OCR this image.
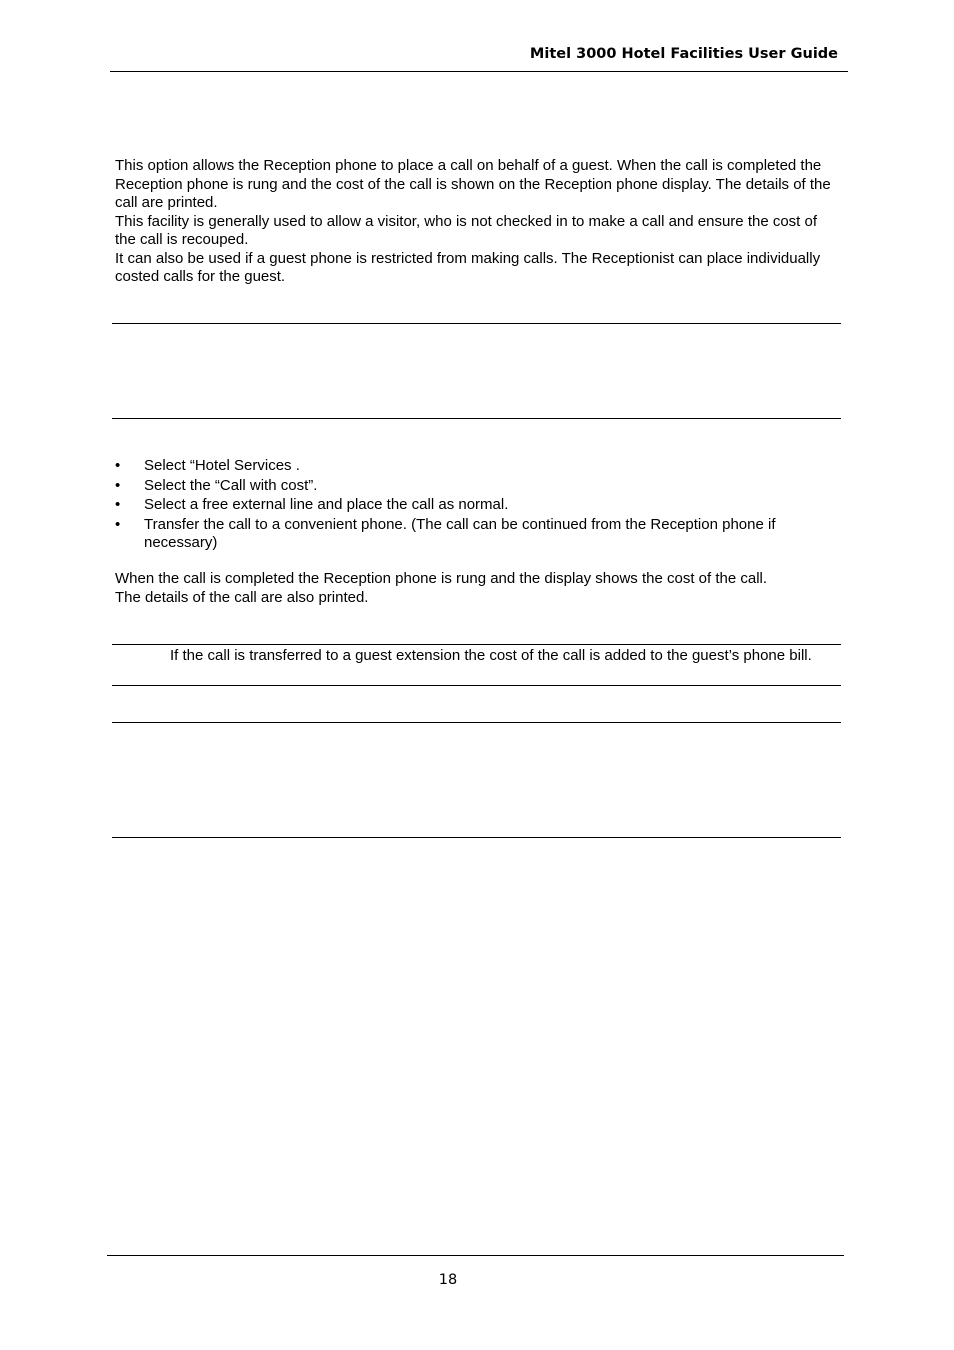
Mitel 3000 Hotel Facilities User Guide

This option allows the Reception phone to place a call on behalf of a guest. When the call is completed the Reception phone is rung and the cost of the call is shown on the Reception phone display. The details of the call are printed.

This facility is generally used to allow a visitor, who is not checked in to make a call and ensure the cost of the call is recouped.

It can also be used if a guest phone is restricted from making calls. The Receptionist can place individually costed calls for the guest.

•	Select “Hotel Services .
•	Select the “Call with cost”.
•	Select a free external line and place the call as normal.
•	Transfer the call to a convenient phone. (The call can be continued from the Reception phone if necessary)

When the call is completed the Reception phone is rung and the display shows the cost of the call.

The details of the call are also printed.

If the call is transferred to a guest extension the cost of the call is added to the guest’s phone bill.

18
